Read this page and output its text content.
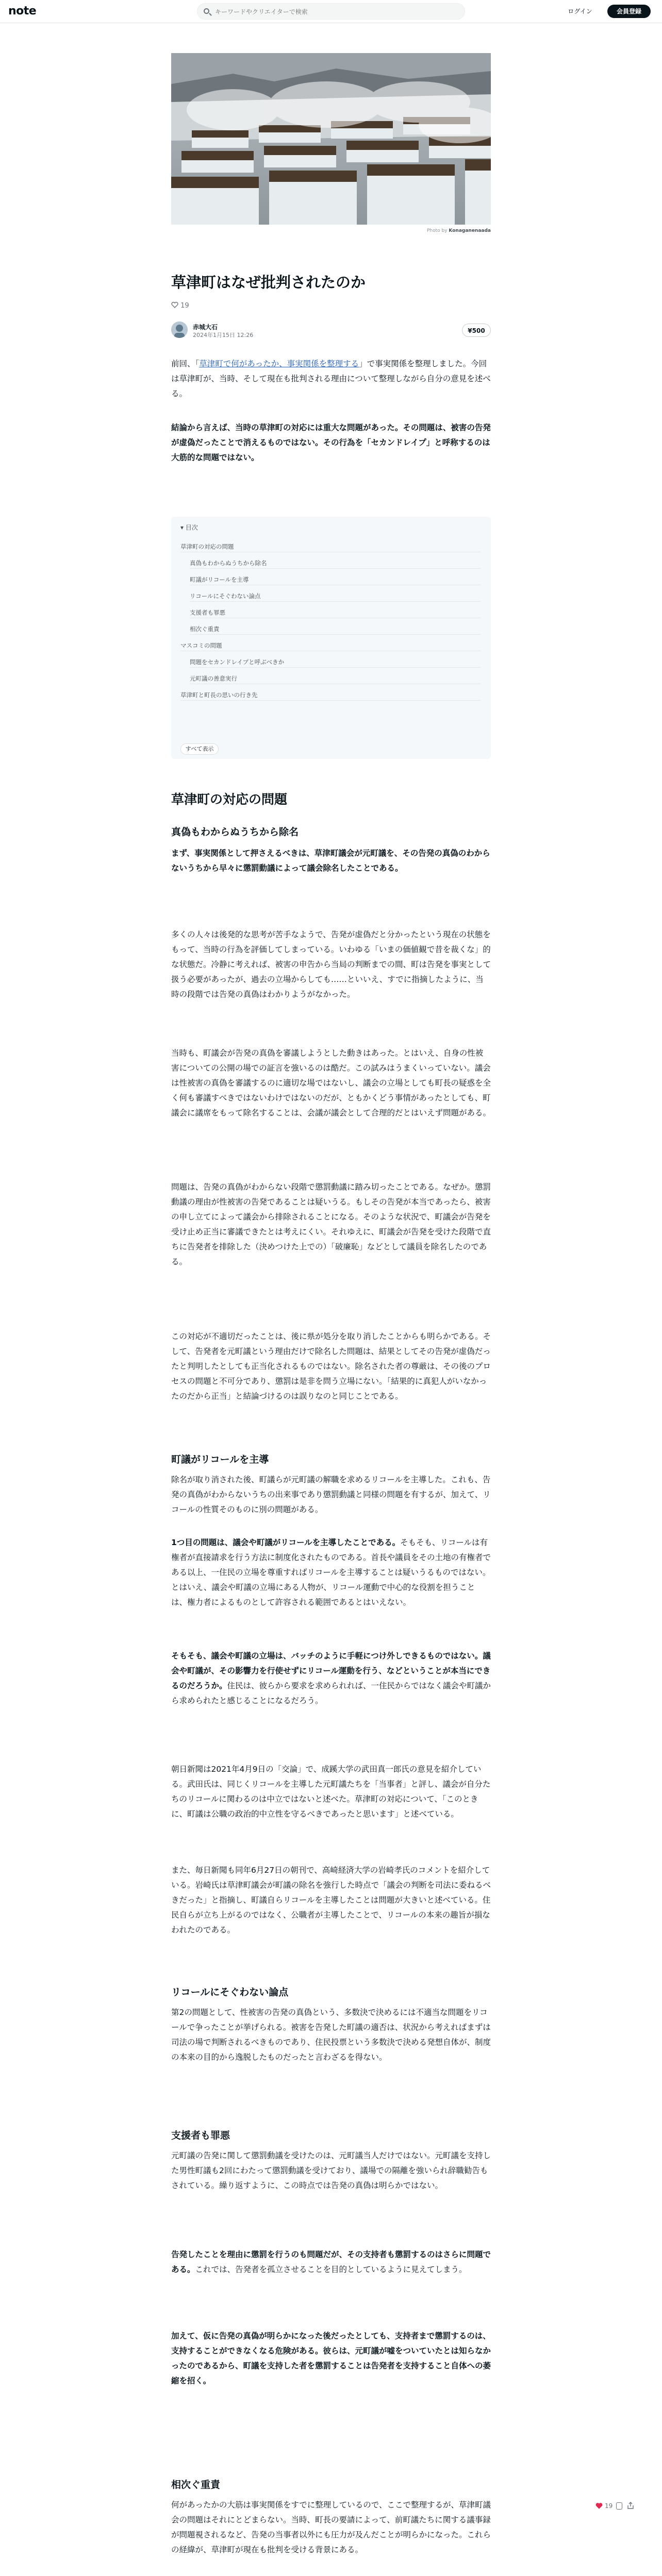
note
キーワードやクリエイターで検索	ログイン	会員登録
Photo by Konaganenaada
草津町はなぜ批判されたのか
19
赤城大石
2024年1月15日 12:26
¥500

前回、「草津町で何があったか、事実関係を整理する」で事実関係を整理しました。今回は草津町が、当時、そして現在も批判される理由について整理しながら自分の意見を述べる。

結論から言えば、当時の草津町の対応には重大な問題があった。その問題は、被害の告発が虚偽だったことで消えるものではない。その行為を「セカンドレイプ」と呼称するのは大筋的な問題ではない。

▾ 目次
草津町の対応の問題
真偽もわからぬうちから除名
町議がリコールを主導
リコールにそぐわない論点
支援者も罪悪
相次ぐ重責
マスコミの問題
問題をセカンドレイプと呼ぶべきか
元町議の善意実行
草津町と町長の思いの行き先
すべて表示
草津町の対応の問題
真偽もわからぬうちから除名

まず、事実関係として押さえるべきは、草津町議会が元町議を、その告発の真偽のわからないうちから早々に懲罰動議によって議会除名したことである。

多くの人々は後発的な思考が苦手なようで、告発が虚偽だと分かったという現在の状態をもって、当時の行為を評価してしまっている。いわゆる「いまの価値観で昔を裁くな」的な状態だ。冷静に考えれば、被害の申告から当局の判断までの間、町は告発を事実として扱う必要があったが、過去の立場からしても……といいえ、すでに指摘したように、当時の段階では告発の真偽はわかりようがなかった。

当時も、町議会が告発の真偽を審議しようとした動きはあった。とはいえ、自身の性被害についての公開の場での証言を強いるのは酷だ。この試みはうまくいっていない。議会は性被害の真偽を審議するのに適切な場ではないし、議会の立場としても町長の疑惑を全く何も審議すべきではないわけではないのだが、ともかくどう事情があったとしても、町議会に議席をもって除名することは、会議が議会として合理的だとはいえず問題がある。

問題は、告発の真偽がわからない段階で懲罰動議に踏み切ったことである。なぜか。懲罰動議の理由が性被害の告発であることは疑いうる。もしその告発が本当であったら、被害の申し立てによって議会から排除されることになる。そのような状況で、町議会が告発を受け止め正当に審議できたとは考えにくい。それゆえに、町議会が告発を受けた段階で直ちに告発者を排除した（決めつけた上での）「破廉恥」などとして議員を除名したのである。

この対応が不適切だったことは、後に県が処分を取り消したことからも明らかである。そして、告発者を元町議という理由だけで除名した問題は、結果としてその告発が虚偽だったと判明したとしても正当化されるものではない。除名された者の尊厳は、その後のプロセスの問題と不可分であり、懲罰は是非を問う立場にない。「結果的に真犯人がいなかったのだから正当」と結論づけるのは誤りなのと同じことである。

町議がリコールを主導

除名が取り消された後、町議らが元町議の解職を求めるリコールを主導した。これも、告発の真偽がわからないうちの出来事であり懲罰動議と同様の問題を有するが、加えて、リコールの性質そのものに別の問題がある。

1つ目の問題は、議会や町議がリコールを主導したことである。そもそも、リコールは有権者が直接請求を行う方法に制度化されたものである。首長や議員をその土地の有権者である以上、一住民の立場を尊重すればリコールを主導することは疑いうるものではない。とはいえ、議会や町議の立場にある人物が、リコール運動で中心的な役割を担うことは、権力者によるものとして許容される範囲であるとはいえない。

そもそも、議会や町議の立場は、バッチのように手軽につけ外しできるものではない。議会や町議が、その影響力を行使せずにリコール運動を行う、などということが本当にできるのだろうか。住民は、彼らから要求を求められれば、一住民からではなく議会や町議から求められたと感じることになるだろう。

朝日新聞は2021年4月9日の「交論」で、成蹊大学の武田真一郎氏の意見を紹介している。武田氏は、同じくリコールを主導した元町議たちを「当事者」と評し、議会が自分たちのリコールに関わるのは中立ではないと述べた。草津町の対応について、「このときに、町議は公職の政治的中立性を守るべきであったと思います」と述べている。

また、毎日新聞も同年6月27日の朝刊で、高崎経済大学の岩崎孝氏のコメントを紹介している。岩崎氏は草津町議会が町議の除名を強行した時点で「議会の判断を司法に委ねるべきだった」と指摘し、町議自らリコールを主導したことは問題が大きいと述べている。住民自らが立ち上がるのではなく、公職者が主導したことで、リコールの本来の趣旨が損なわれたのである。

リコールにそぐわない論点

第2の問題として、性被害の告発の真偽という、多数決で決めるには不適当な問題をリコールで争ったことが挙げられる。被害を告発した町議の適否は、状況から考えればまずは司法の場で判断されるべきものであり、住民投票という多数決で決める発想自体が、制度の本来の目的から逸脱したものだったと言わざるを得ない。

支援者も罪悪

元町議の告発に関して懲罰動議を受けたのは、元町議当人だけではない。元町議を支持した男性町議も2回にわたって懲罰動議を受けており、議場での隔離を強いられ辞職勧告もされている。繰り返すように、この時点では告発の真偽は明らかではない。

告発したことを理由に懲罰を行うのも問題だが、その支持者も懲罰するのはさらに問題である。これでは、告発者を孤立させることを目的としているように見えてしまう。

加えて、仮に告発の真偽が明らかになった後だったとしても、支持者まで懲罰するのは、支持することができなくなる危険がある。彼らは、元町議が嘘をついていたとは知らなかったのであるから、町議を支持した者を懲罰することは告発者を支持すること自体への萎縮を招く。

相次ぐ重責

何があったかの大筋は事実関係をすでに整理しているので、ここで整理するが、草津町議会の問題はそれにとどまらない。当時、町長の要請によって、前町議たちに関する議事録が問題視されるなど、告発の当事者以外にも圧力が及んだことが明らかになった。これらの経緯が、草津町が現在も批判を受ける背景にある。

19
